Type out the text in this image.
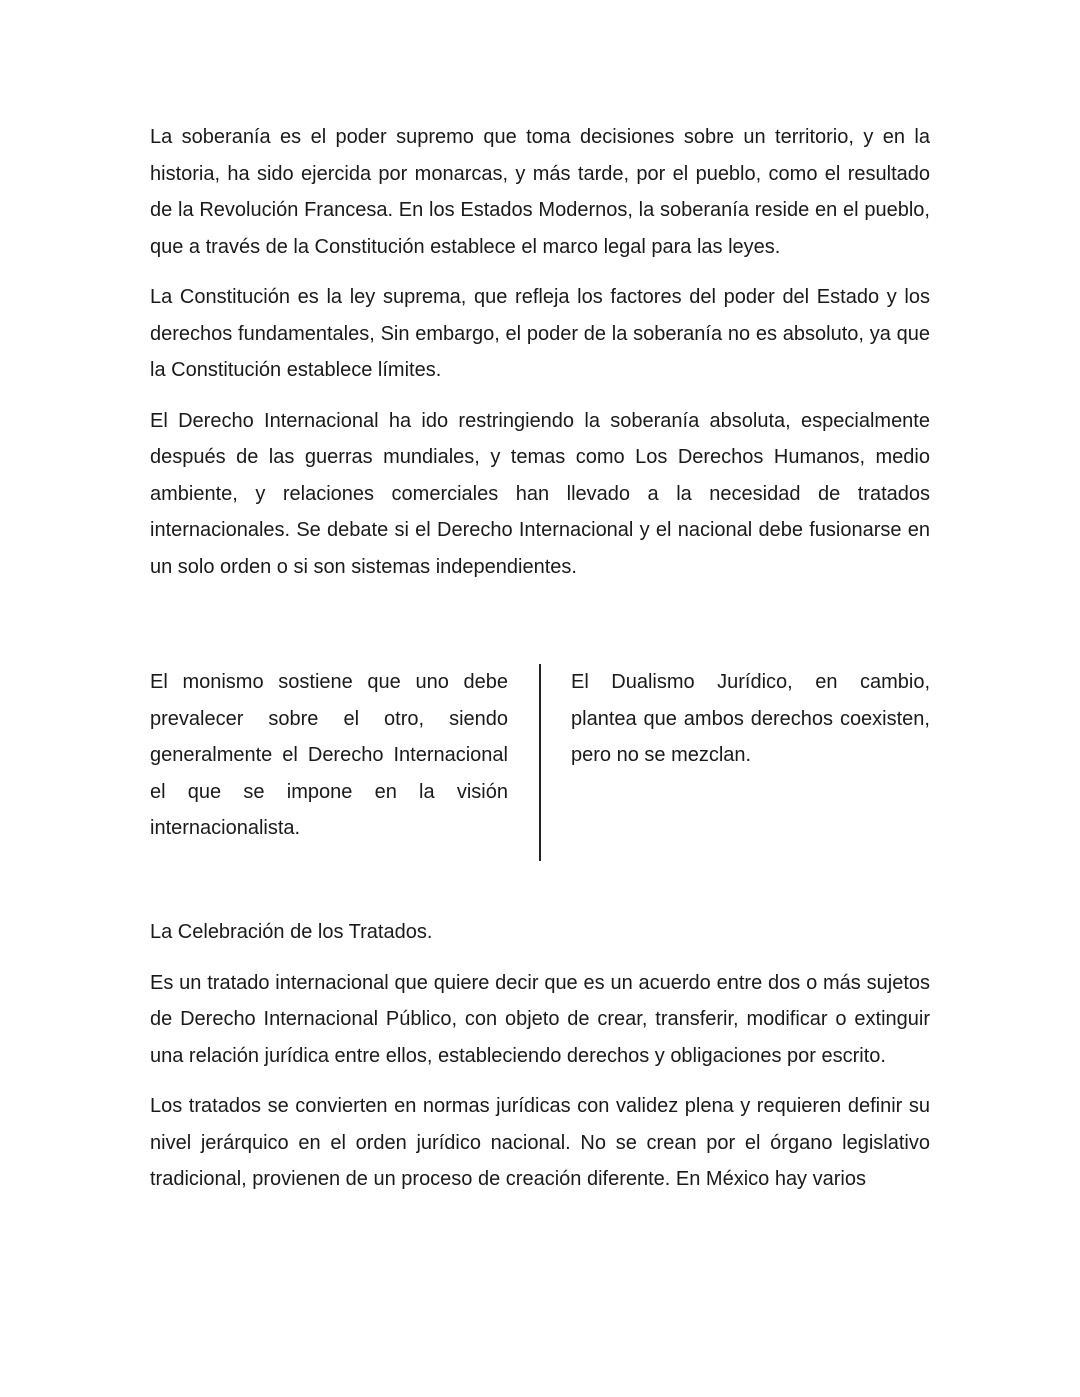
La soberanía es el poder supremo que toma decisiones sobre un territorio, y en la historia, ha sido ejercida por monarcas, y más tarde, por el pueblo, como el resultado de la Revolución Francesa. En los Estados Modernos, la soberanía reside en el pueblo, que a través de la Constitución establece el marco legal para las leyes.

La Constitución es la ley suprema, que refleja los factores del poder del Estado y los derechos fundamentales, Sin embargo, el poder de la soberanía no es absoluto, ya que la Constitución establece límites.

El Derecho Internacional ha ido restringiendo la soberanía absoluta, especialmente después de las guerras mundiales, y temas como Los Derechos Humanos, medio ambiente, y relaciones comerciales han llevado a la necesidad de tratados internacionales. Se debate si el Derecho Internacional y el nacional debe fusionarse en un solo orden o si son sistemas independientes.

El monismo sostiene que uno debe prevalecer sobre el otro, siendo generalmente el Derecho Internacional el que se impone en la visión internacionalista.

El Dualismo Jurídico, en cambio, plantea que ambos derechos coexisten, pero no se mezclan.

La Celebración de los Tratados.

Es un tratado internacional que quiere decir que es un acuerdo entre dos o más sujetos de Derecho Internacional Público, con objeto de crear, transferir, modificar o extinguir una relación jurídica entre ellos, estableciendo derechos y obligaciones por escrito.

Los tratados se convierten en normas jurídicas con validez plena y requieren definir su nivel jerárquico en el orden jurídico nacional. No se crean por el órgano legislativo tradicional, provienen de un proceso de creación diferente. En México hay varios
